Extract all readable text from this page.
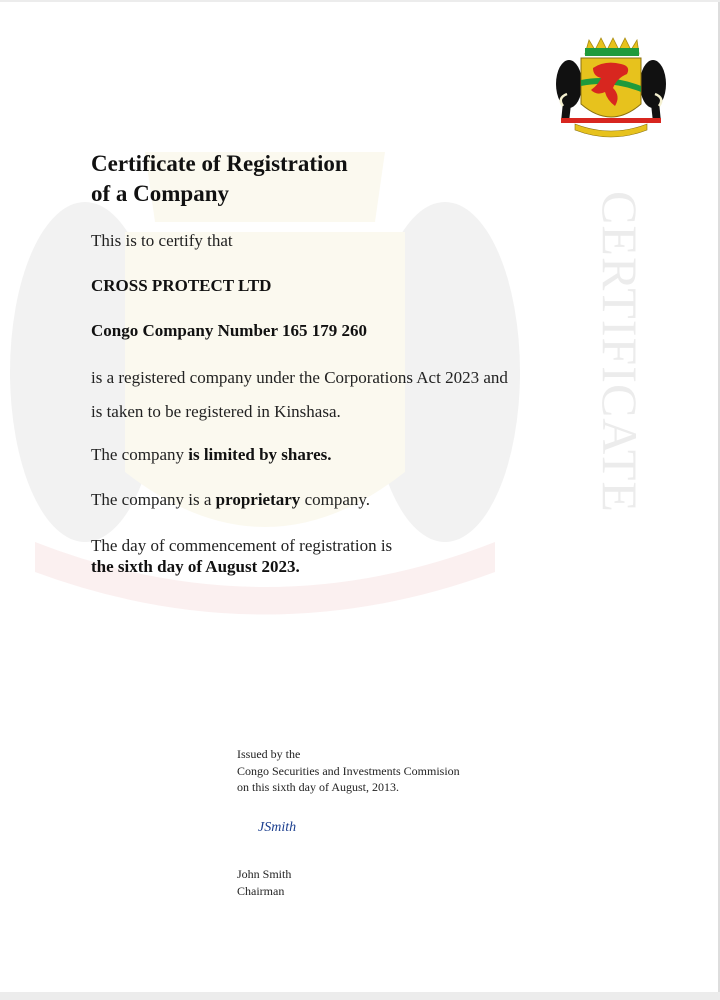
CERTIFICATE
Certificate of Registration
of a Company
This is to certify that
CROSS PROTECT LTD
Congo Company Number 165 179 260
is a registered company under the Corporations Act 2023 and
is taken to be registered in Kinshasa.
The company is limited by shares.
The company is a proprietary company.
The day of commencement of registration is
the sixth day of August 2023.
Issued by the
Congo Securities and Investments Commision
on this sixth day of August, 2013.
JSmith
John Smith
Chairman
